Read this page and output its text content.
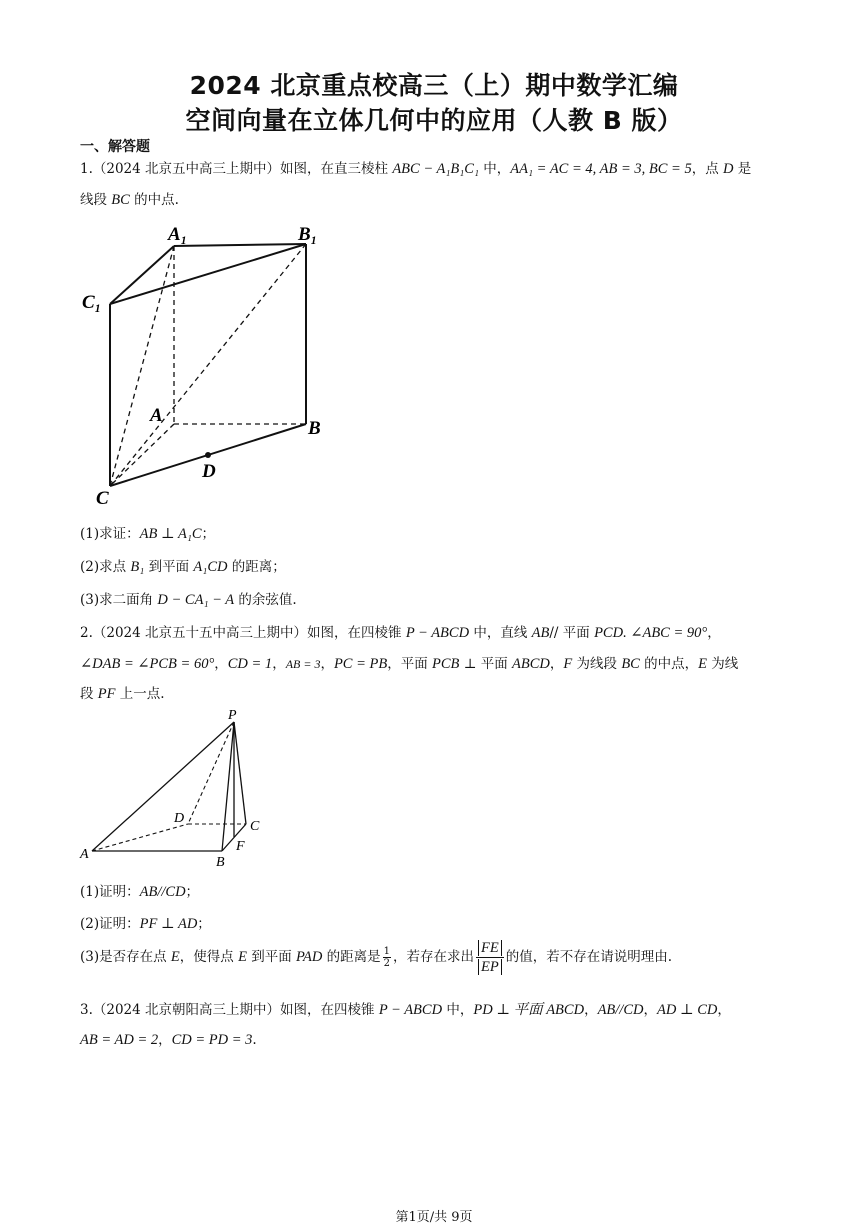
2024 北京重点校高三（上）期中数学汇编
空间向量在立体几何中的应用（人教 B 版）
一、解答题
1.（2024 北京五中高三上期中）如图，在直三棱柱 ABC − A₁B₁C₁ 中，AA₁ = AC = 4, AB = 3, BC = 5，点 D 是
线段 BC 的中点.
A₁	B₁
C₁
A
B
C
D
(1)求证：AB ⊥ A₁C；
(2)求点 B₁ 到平面 A₁CD 的距离；
(3)求二面角 D − CA₁ − A 的余弦值.
2.（2024 北京五十五中高三上期中）如图，在四棱锥 P − ABCD 中，直线 AB// 平面 PCD. ∠ABC = 90°，
∠DAB = ∠PCB = 60°，CD = 1，AB = 3，PC = PB，平面 PCB ⊥ 平面 ABCD，F 为线段 BC 的中点，E 为线
段 PF 上一点.
P
A
B
C
D
F
(1)证明：AB//CD；
(2)证明：PF ⊥ AD；
(3)是否存在点 E，使得点 E 到平面 PAD 的距离是 $\frac{1}{2}$ ，若存在求出 $\frac{FE}{EP}$ 的值，若不存在请说明理由.
3.（2024 北京朝阳高三上期中）如图，在四棱锥 P − ABCD 中，PD ⊥ 平面 ABCD，AB//CD，AD ⊥ CD，
AB = AD = 2，CD = PD = 3.
第1页/共 9页
